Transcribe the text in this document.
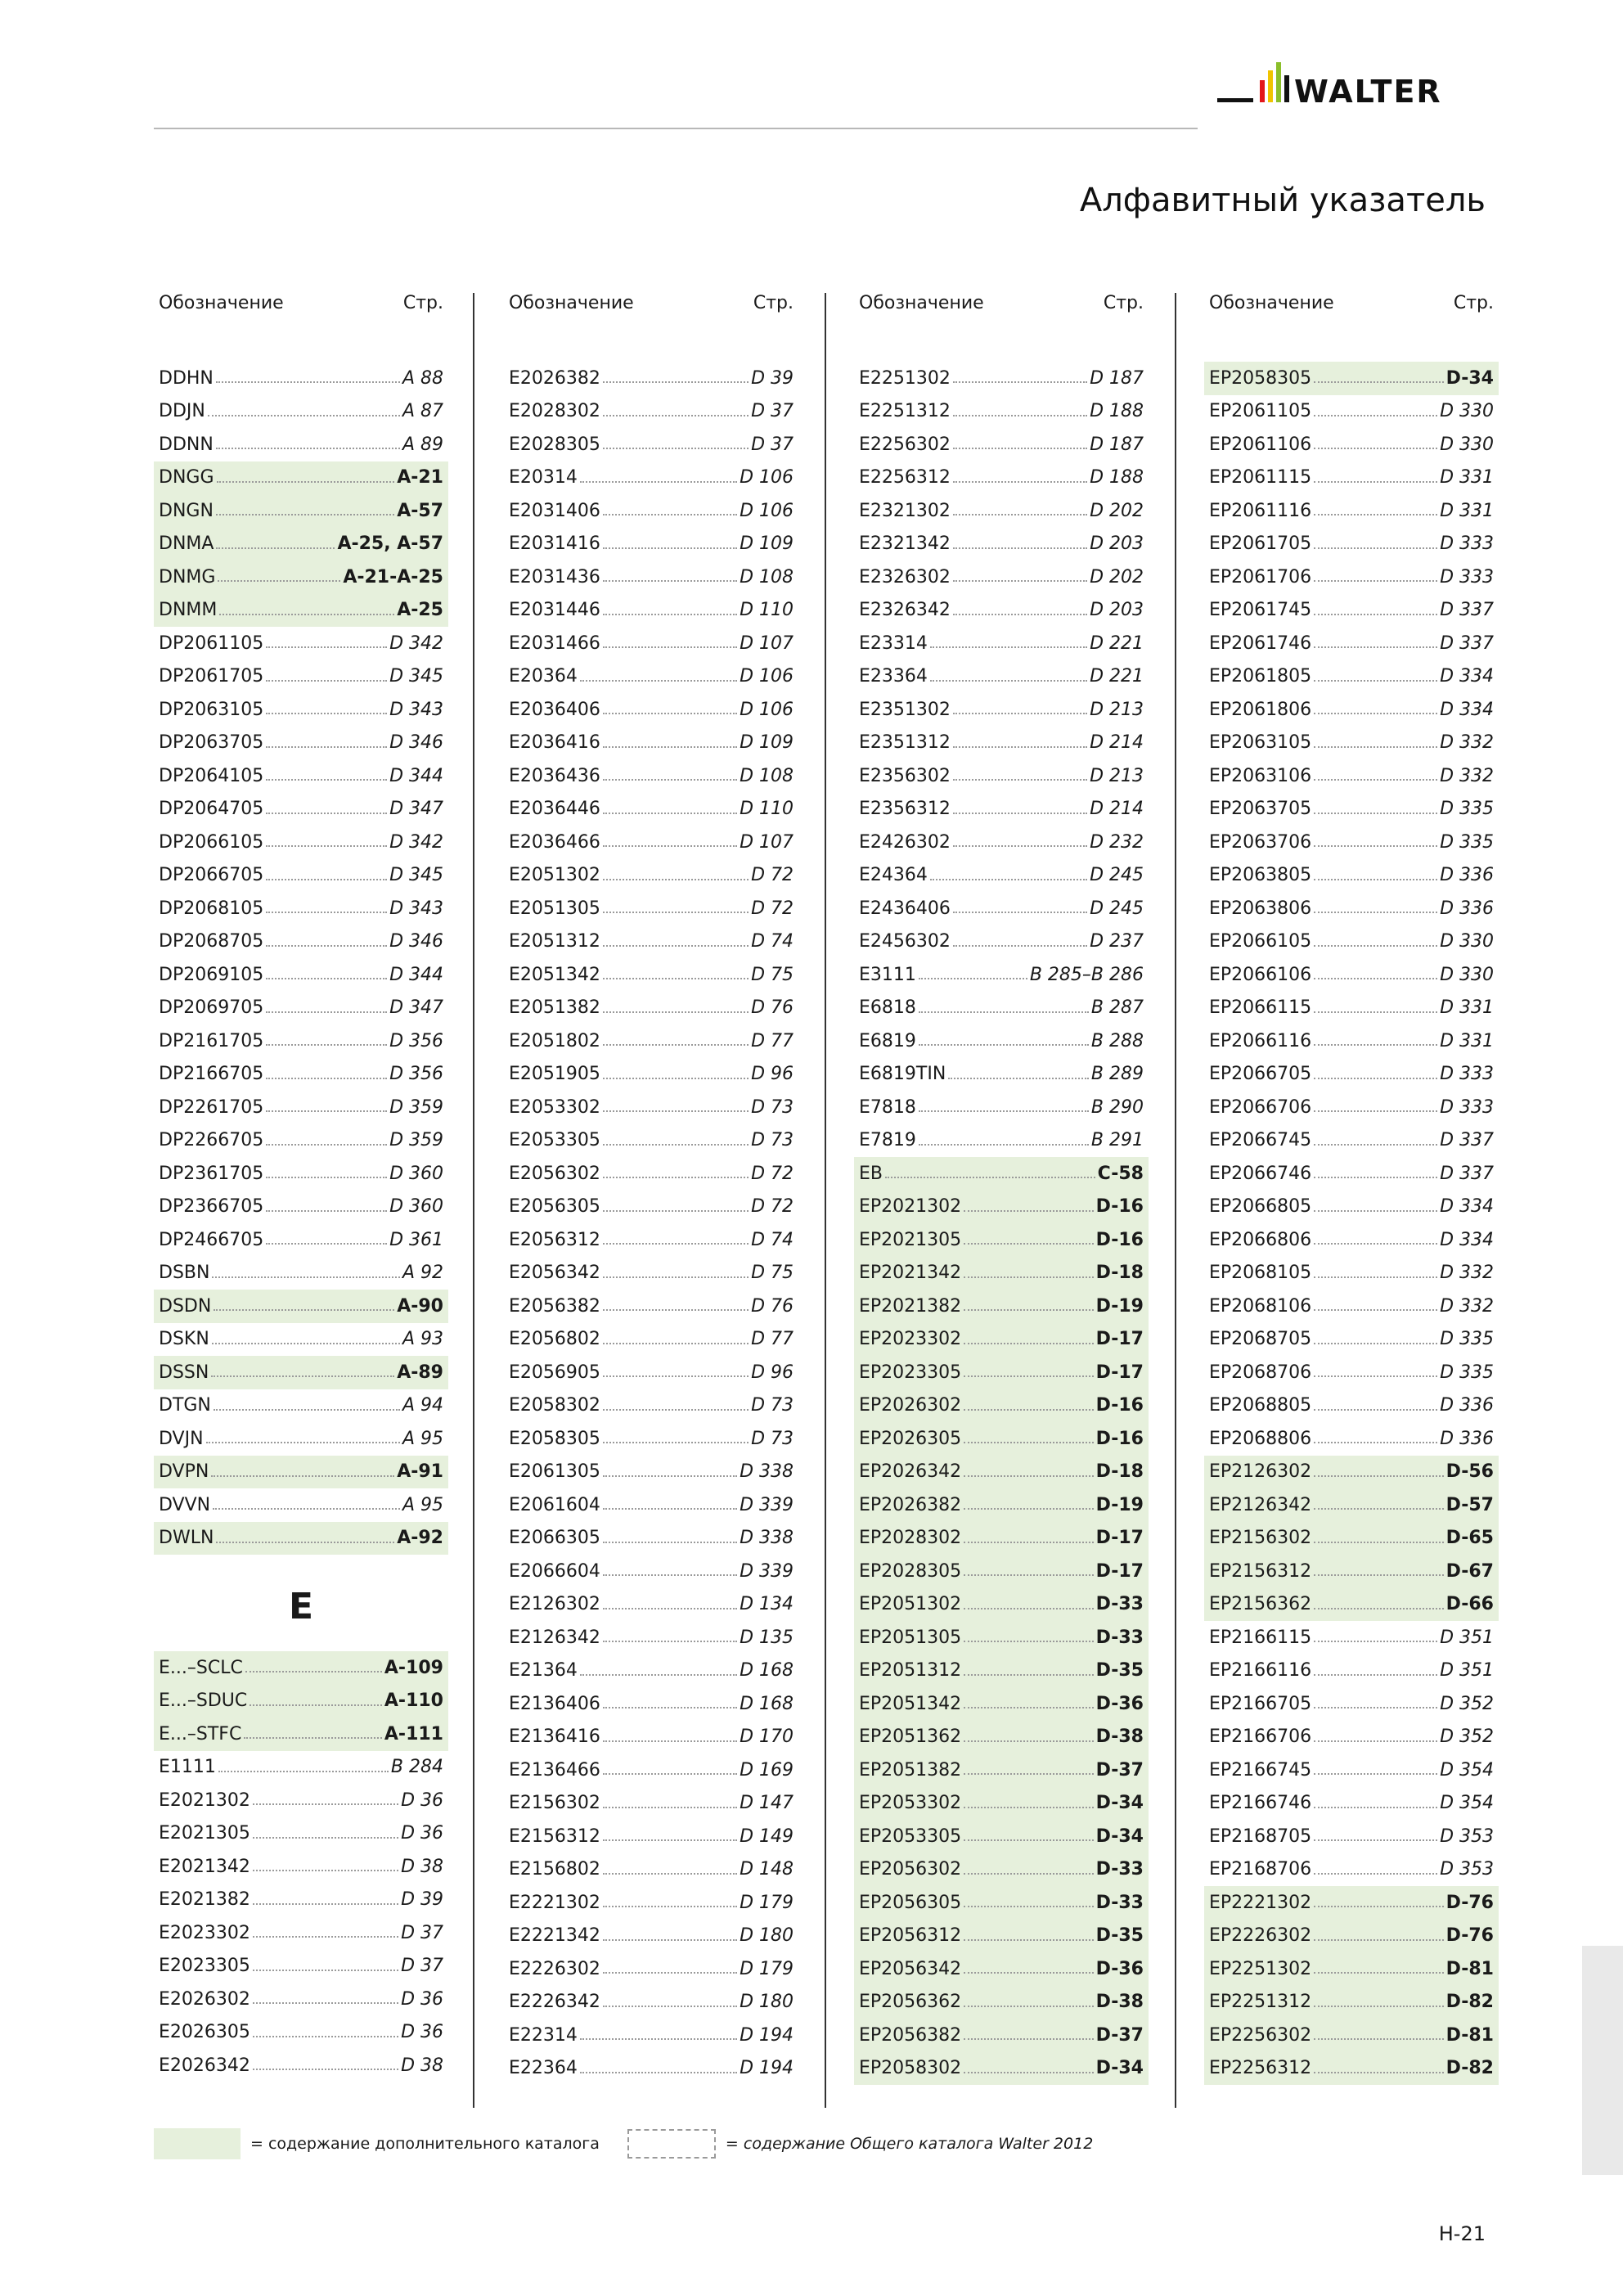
WALTER
Алфавитный указатель
Обозначение	Стр.
DDHN	A 88
DDJN	A 87
DDNN	A 89
DNGG	A-21
DNGN	A-57
DNMA	A-25, A-57
DNMG	A-21-A-25
DNMM	A-25
DP2061105	D 342
DP2061705	D 345
DP2063105	D 343
DP2063705	D 346
DP2064105	D 344
DP2064705	D 347
DP2066105	D 342
DP2066705	D 345
DP2068105	D 343
DP2068705	D 346
DP2069105	D 344
DP2069705	D 347
DP2161705	D 356
DP2166705	D 356
DP2261705	D 359
DP2266705	D 359
DP2361705	D 360
DP2366705	D 360
DP2466705	D 361
DSBN	A 92
DSDN	A-90
DSKN	A 93
DSSN	A-89
DTGN	A 94
DVJN	A 95
DVPN	A-91
DVVN	A 95
DWLN	A-92
E
E...–SCLC	A-109
E...–SDUC	A-110
E...–STFC	A-111
E1111	B 284
E2021302	D 36
E2021305	D 36
E2021342	D 38
E2021382	D 39
E2023302	D 37
E2023305	D 37
E2026302	D 36
E2026305	D 36
E2026342	D 38
Обозначение	Стр.
E2026382	D 39
E2028302	D 37
E2028305	D 37
E20314	D 106
E2031406	D 106
E2031416	D 109
E2031436	D 108
E2031446	D 110
E2031466	D 107
E20364	D 106
E2036406	D 106
E2036416	D 109
E2036436	D 108
E2036446	D 110
E2036466	D 107
E2051302	D 72
E2051305	D 72
E2051312	D 74
E2051342	D 75
E2051382	D 76
E2051802	D 77
E2051905	D 96
E2053302	D 73
E2053305	D 73
E2056302	D 72
E2056305	D 72
E2056312	D 74
E2056342	D 75
E2056382	D 76
E2056802	D 77
E2056905	D 96
E2058302	D 73
E2058305	D 73
E2061305	D 338
E2061604	D 339
E2066305	D 338
E2066604	D 339
E2126302	D 134
E2126342	D 135
E21364	D 168
E2136406	D 168
E2136416	D 170
E2136466	D 169
E2156302	D 147
E2156312	D 149
E2156802	D 148
E2221302	D 179
E2221342	D 180
E2226302	D 179
E2226342	D 180
E22314	D 194
E22364	D 194
Обозначение	Стр.
E2251302	D 187
E2251312	D 188
E2256302	D 187
E2256312	D 188
E2321302	D 202
E2321342	D 203
E2326302	D 202
E2326342	D 203
E23314	D 221
E23364	D 221
E2351302	D 213
E2351312	D 214
E2356302	D 213
E2356312	D 214
E2426302	D 232
E24364	D 245
E2436406	D 245
E2456302	D 237
E3111	B 285–B 286
E6818	B 287
E6819	B 288
E6819TIN	B 289
E7818	B 290
E7819	B 291
EB	C-58
EP2021302	D-16
EP2021305	D-16
EP2021342	D-18
EP2021382	D-19
EP2023302	D-17
EP2023305	D-17
EP2026302	D-16
EP2026305	D-16
EP2026342	D-18
EP2026382	D-19
EP2028302	D-17
EP2028305	D-17
EP2051302	D-33
EP2051305	D-33
EP2051312	D-35
EP2051342	D-36
EP2051362	D-38
EP2051382	D-37
EP2053302	D-34
EP2053305	D-34
EP2056302	D-33
EP2056305	D-33
EP2056312	D-35
EP2056342	D-36
EP2056362	D-38
EP2056382	D-37
EP2058302	D-34
Обозначение	Стр.
EP2058305	D-34
EP2061105	D 330
EP2061106	D 330
EP2061115	D 331
EP2061116	D 331
EP2061705	D 333
EP2061706	D 333
EP2061745	D 337
EP2061746	D 337
EP2061805	D 334
EP2061806	D 334
EP2063105	D 332
EP2063106	D 332
EP2063705	D 335
EP2063706	D 335
EP2063805	D 336
EP2063806	D 336
EP2066105	D 330
EP2066106	D 330
EP2066115	D 331
EP2066116	D 331
EP2066705	D 333
EP2066706	D 333
EP2066745	D 337
EP2066746	D 337
EP2066805	D 334
EP2066806	D 334
EP2068105	D 332
EP2068106	D 332
EP2068705	D 335
EP2068706	D 335
EP2068805	D 336
EP2068806	D 336
EP2126302	D-56
EP2126342	D-57
EP2156302	D-65
EP2156312	D-67
EP2156362	D-66
EP2166115	D 351
EP2166116	D 351
EP2166705	D 352
EP2166706	D 352
EP2166745	D 354
EP2166746	D 354
EP2168705	D 353
EP2168706	D 353
EP2221302	D-76
EP2226302	D-76
EP2251302	D-81
EP2251312	D-82
EP2256302	D-81
EP2256312	D-82
= содержание дополнительного каталога	= содержание Общего каталога Walter 2012
H-21
